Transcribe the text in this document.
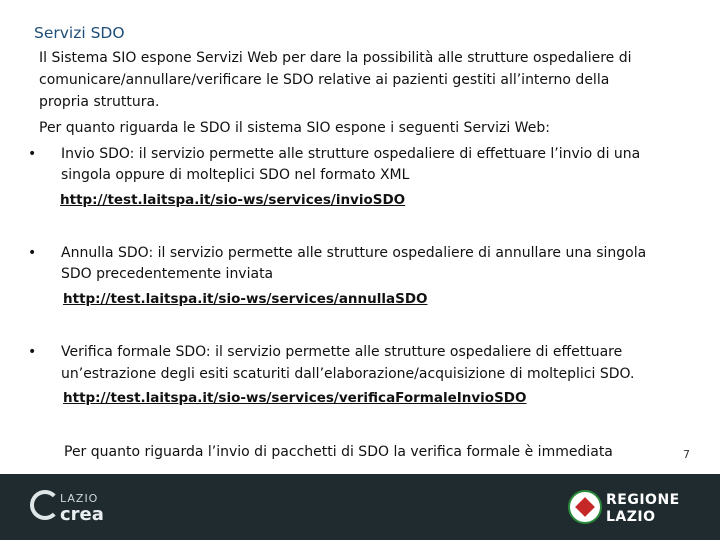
Servizi SDO
Il Sistema SIO espone Servizi Web per dare la possibilità alle strutture ospedaliere di
comunicare/annullare/verificare le SDO relative ai pazienti gestiti all’interno della
propria struttura.
Per quanto riguarda le SDO il sistema SIO espone i seguenti Servizi Web:
• Invio SDO: il servizio permette alle strutture ospedaliere di effettuare l’invio di una
singola oppure di molteplici SDO nel formato XML
http://test.laitspa.it/sio-ws/services/invioSDO
• Annulla SDO: il servizio permette alle strutture ospedaliere di annullare una singola
SDO precedentemente inviata
http://test.laitspa.it/sio-ws/services/annullaSDO
• Verifica formale SDO: il servizio permette alle strutture ospedaliere di effettuare
un’estrazione degli esiti scaturiti dall’elaborazione/acquisizione di molteplici SDO.
http://test.laitspa.it/sio-ws/services/verificaFormaleInvioSDO
Per quanto riguarda l’invio di pacchetti di SDO la verifica formale è immediata	7
LAZIO
crea
REGIONE
LAZIO
